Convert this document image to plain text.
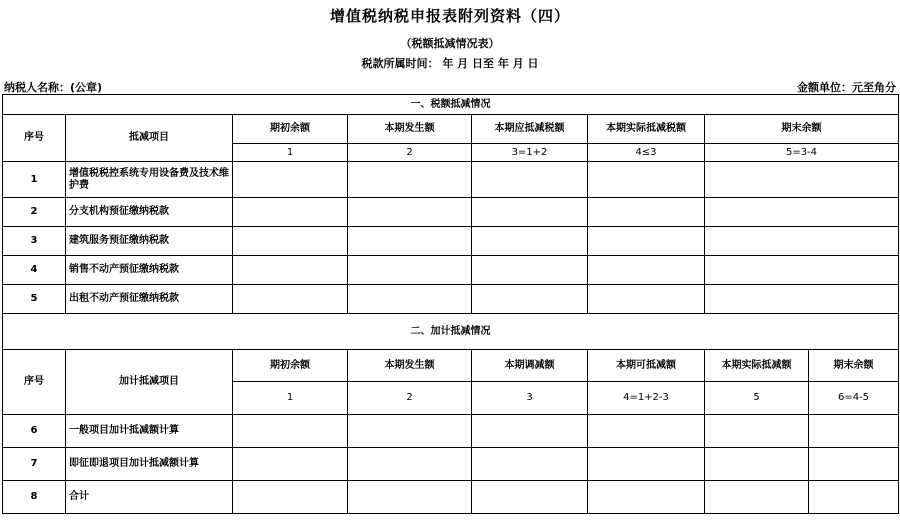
增值税纳税申报表附列资料（四）
（税额抵减情况表）
税款所属时间： 年 月 日至 年 月 日
纳税人名称：(公章)	金额单位：元至角分
一、税额抵减情况							
序号	抵减项目	期初余额	本期发生额	本期应抵减税额	本期实际抵减税额	期末余额	
		1	2	3=1+2	4≤3	5=3-4	
1	增值税税控系统专用设备费及技术维护费						
2	分支机构预征缴纳税款						
3	建筑服务预征缴纳税款						
4	销售不动产预征缴纳税款						
5	出租不动产预征缴纳税款						
二、加计抵减情况							
序号	加计抵减项目	期初余额	本期发生额	本期调减额	本期可抵减额	本期实际抵减额	期末余额
		1	2	3	4=1+2-3	5	6=4-5
6	一般项目加计抵减额计算						
7	即征即退项目加计抵减额计算						
8	合计						
